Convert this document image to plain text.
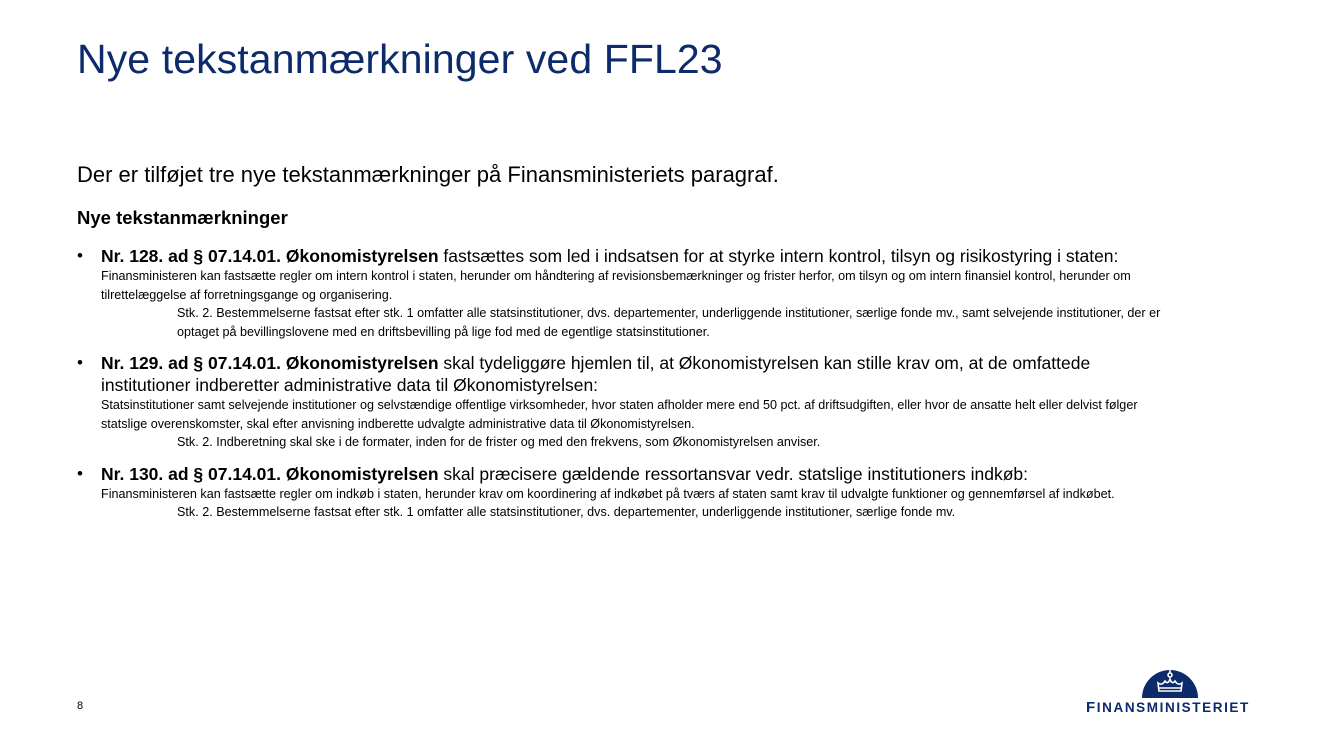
Nye tekstanmærkninger ved FFL23

Der er tilføjet tre nye tekstanmærkninger på Finansministeriets paragraf.

Nye tekstanmærkninger

• Nr. 128. ad § 07.14.01. Økonomistyrelsen fastsættes som led i indsatsen for at styrke intern kontrol, tilsyn og risikostyring i staten:
Finansministeren kan fastsætte regler om intern kontrol i staten, herunder om håndtering af revisionsbemærkninger og frister herfor, om tilsyn og om intern finansiel kontrol, herunder om tilrettelæggelse af forretningsgange og organisering.
Stk. 2. Bestemmelserne fastsat efter stk. 1 omfatter alle statsinstitutioner, dvs. departementer, underliggende institutioner, særlige fonde mv., samt selvejende institutioner, der er optaget på bevillingslovene med en driftsbevilling på lige fod med de egentlige statsinstitutioner.
• Nr. 129. ad § 07.14.01. Økonomistyrelsen skal tydeliggøre hjemlen til, at Økonomistyrelsen kan stille krav om, at de omfattede institutioner indberetter administrative data til Økonomistyrelsen:
Statsinstitutioner samt selvejende institutioner og selvstændige offentlige virksomheder, hvor staten afholder mere end 50 pct. af driftsudgiften, eller hvor de ansatte helt eller delvist følger statslige overenskomster, skal efter anvisning indberette udvalgte administrative data til Økonomistyrelsen.
Stk. 2. Indberetning skal ske i de formater, inden for de frister og med den frekvens, som Økonomistyrelsen anviser.
• Nr. 130. ad § 07.14.01. Økonomistyrelsen skal præcisere gældende ressortansvar vedr. statslige institutioners indkøb:
Finansministeren kan fastsætte regler om indkøb i staten, herunder krav om koordinering af indkøbet på tværs af staten samt krav til udvalgte funktioner og gennemførsel af indkøbet.
Stk. 2. Bestemmelserne fastsat efter stk. 1 omfatter alle statsinstitutioner, dvs. departementer, underliggende institutioner, særlige fonde mv.
8	FINANSMINISTERIET
